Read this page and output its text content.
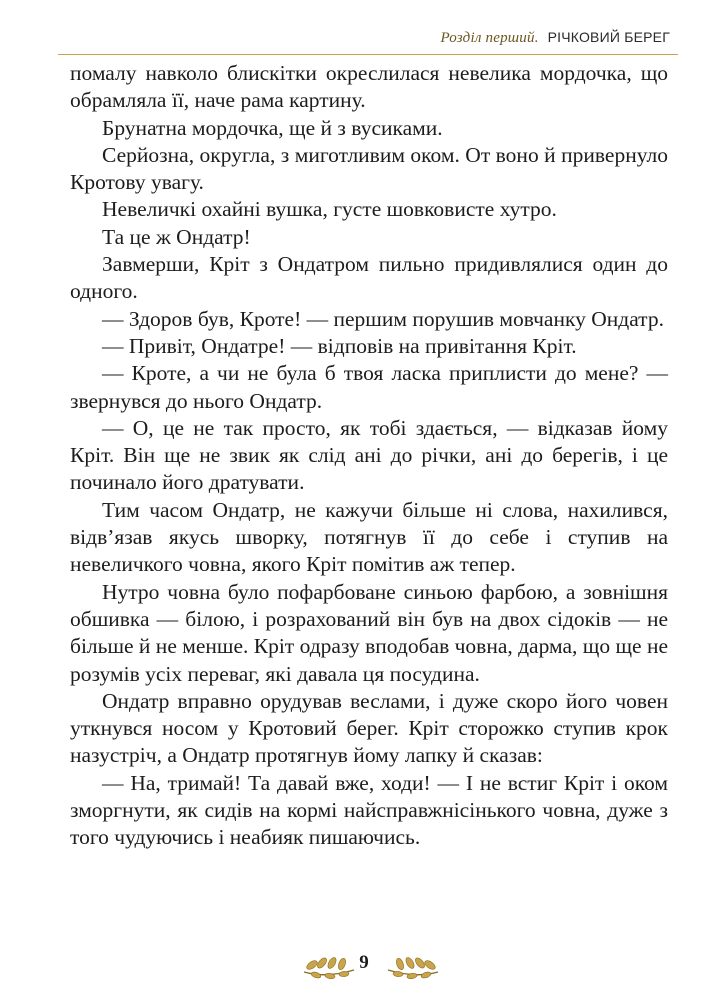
Розділ перший. РІЧКОВИЙ БЕРЕГ

помалу навколо блискітки окреслилася невелика мордочка, що обрамляла її, наче рама картину.

Брунатна мордочка, ще й з вусиками.

Серйозна, округла, з миготливим оком. От воно й привернуло Кротову увагу.

Невеличкі охайні вушка, густе шовковисте хутро.

Та це ж Ондатр!

Завмерши, Кріт з Ондатром пильно придивлялися один до одного.

— Здоров був, Кроте! — першим порушив мовчанку Ондатр.

— Привіт, Ондатре! — відповів на привітання Кріт.

— Кроте, а чи не була б твоя ласка приплисти до мене? — звернувся до нього Ондатр.

— О, це не так просто, як тобі здається, — відказав йому Кріт. Він ще не звик як слід ані до річки, ані до берегів, і це починало його дратувати.

Тим часом Ондатр, не кажучи більше ні слова, нахилився, відв’язав якусь шворку, потягнув її до себе і ступив на невеличкого човна, якого Кріт помітив аж тепер.

Нутро човна було пофарбоване синьою фарбою, а зовнішня обшивка — білою, і розрахований він був на двох сідоків — не більше й не менше. Кріт одразу вподобав човна, дарма, що ще не розумів усіх переваг, які давала ця посудина.

Ондатр вправно орудував веслами, і дуже скоро його човен уткнувся носом у Кротовий берег. Кріт сторожко ступив крок назустріч, а Ондатр протягнув йому лапку й сказав:

— На, тримай! Та давай вже, ходи! — І не встиг Кріт і оком зморгнути, як сидів на кормі найсправжнісінького човна, дуже з того чудуючись і неабияк пишаючись.

9
